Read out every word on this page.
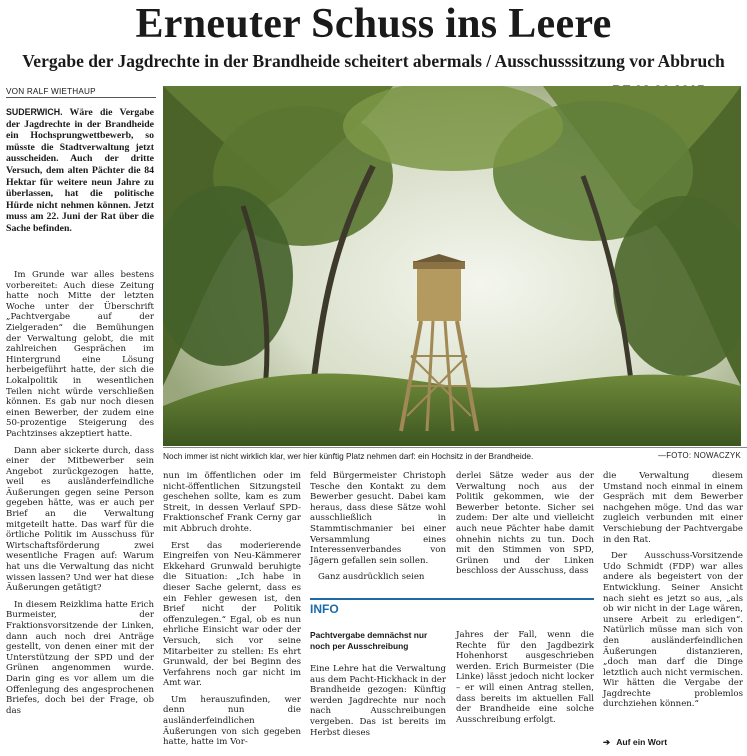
Erneuter Schuss ins Leere
Vergabe der Jagdrechte in der Brandheide scheitert abermals / Ausschusssitzung vor Abbruch
VON RALF WIETHAUP
SUDERWICH. Wäre die Vergabe der Jagdrechte in der Brandheide ein Hochsprungwettbewerb, so müsste die Stadtverwaltung jetzt ausscheiden. Auch der dritte Versuch, dem alten Pächter die 84 Hektar für weitere neun Jahre zu überlassen, hat die politische Hürde nicht nehmen können. Jetzt muss am 22. Juni der Rat über die Sache befinden.

Im Grunde war alles bestens vorbereitet: Auch diese Zeitung hatte noch Mitte der letzten Woche unter der Überschrift „Pachtvergabe auf der Zielgeraden“ die Bemühungen der Verwaltung gelobt, die mit zahlreichen Gesprächen im Hintergrund eine Lösung herbeigeführt hatte, der sich die Lokalpolitik in wesentlichen Teilen nicht würde verschließen können. Es gab nur noch diesen einen Bewerber, der zudem eine 50-prozentige Steigerung des Pachtzinses akzeptiert hatte.

Dann aber sickerte durch, dass einer der Mitbewerber sein Angebot zurückgezogen hatte, weil es ausländerfeindliche Äußerungen gegen seine Person gegeben hätte, was er auch per Brief an die Verwaltung mitgeteilt hatte. Das warf für die örtliche Politik im Ausschuss für Wirtschaftsförderung zwei wesentliche Fragen auf: Warum hat uns die Verwaltung das nicht wissen lassen? Und wer hat diese Äußerungen getätigt?

In diesem Reizklima hatte Erich Burmeister, der Fraktionsvorsitzende der Linken, dann auch noch drei Anträge gestellt, von denen einer mit der Unterstützung der SPD und der Grünen angenommen wurde. Darin ging es vor allem um die Offenlegung des angesprochenen Briefes, doch bei der Frage, ob das

Noch immer ist nicht wirklich klar, wer hier künftig Platz nehmen darf: ein Hochsitz in der Brandheide.	—FOTO: NOWACZYK

nun im öffentlichen oder im nicht-öffentlichen Sitzungsteil geschehen sollte, kam es zum Streit, in dessen Verlauf SPD-Fraktionschef Frank Cerny gar mit Abbruch drohte.

Erst das moderierende Eingreifen von Neu-Kämmerer Ekkehard Grunwald beruhigte die Situation: „Ich habe in dieser Sache gelernt, dass es ein Fehler gewesen ist, den Brief nicht der Politik offenzulegen.“ Egal, ob es nun ehrliche Einsicht war oder der Versuch, sich vor seine Mitarbeiter zu stellen: Es ehrt Grunwald, der bei Beginn des Verfahrens noch gar nicht im Amt war.

Um herauszufinden, wer denn nun die ausländerfeindlichen Äußerungen von sich gegeben hatte, hatte im Vor-

feld Bürgermeister Christoph Tesche den Kontakt zu dem Bewerber gesucht. Dabei kam heraus, dass diese Sätze wohl ausschließlich in Stammtischmanier bei einer Versammlung eines Interessenverbandes von Jägern gefallen sein sollen.

Ganz ausdrücklich seien

derlei Sätze weder aus der Verwaltung noch aus der Politik gekommen, wie der Bewerber betonte. Sicher sei zudem: Der alte und vielleicht auch neue Pächter habe damit ohnehin nichts zu tun. Doch mit den Stimmen von SPD, Grünen und der Linken beschloss der Ausschuss, dass

die Verwaltung diesem Umstand noch einmal in einem Gespräch mit dem Bewerber nachgehen möge. Und das war zugleich verbunden mit einer Verschiebung der Pachtvergabe in den Rat.

Der Ausschuss-Vorsitzende Udo Schmidt (FDP) war alles andere als begeistert von der Entwicklung. Seiner Ansicht nach sieht es jetzt so aus, „als ob wir nicht in der Lage wären, unsere Arbeit zu erledigen“. Natürlich müsse man sich von den ausländerfeindlichen Äußerungen distanzieren, „doch man darf die Dinge letztlich auch nicht vermischen. Wir hätten die Vergabe der Jagdrechte problemlos durchziehen können.“

INFO
Pachtvergabe demnächst nur noch per Ausschreibung

Eine Lehre hat die Verwaltung aus dem Pacht-Hickhack in der Brandheide gezogen: Künftig werden Jagdrechte nur noch nach Ausschreibungen vergeben. Das ist bereits im Herbst dieses

Jahres der Fall, wenn die Rechte für den Jagdbezirk Hohenhorst ausgeschrieben werden. Erich Burmeister (Die Linke) lässt jedoch nicht locker – er will einen Antrag stellen, dass bereits im aktuellen Fall der Brandheide eine solche Ausschreibung erfolgt.

➔ Auf ein Wort
